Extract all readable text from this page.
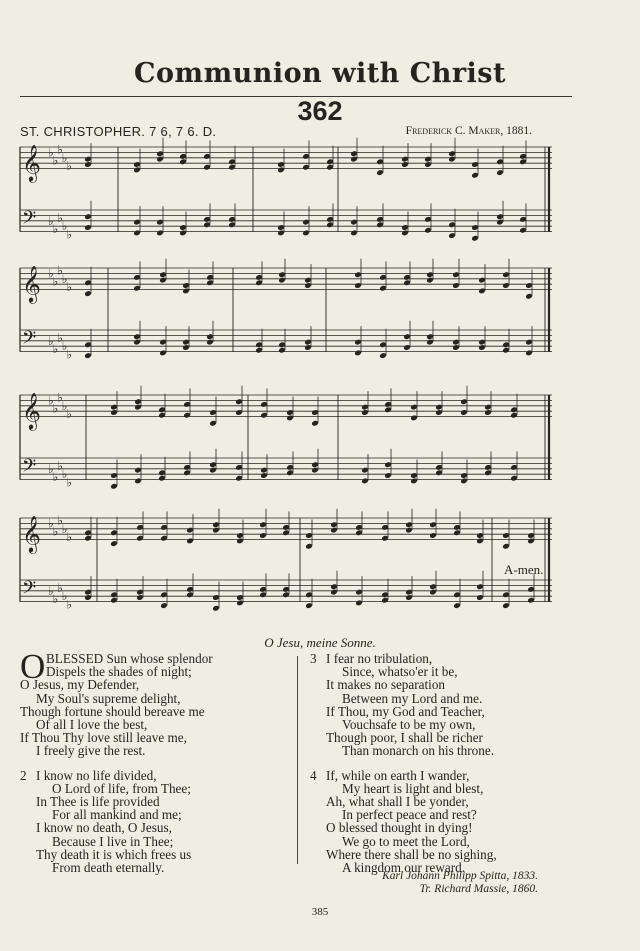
Communion with Christ
362
ST. CHRISTOPHER. 7 6, 7 6. D.	Frederick C. Maker, 1881.
𝄞 ♭
♭
♭
♭
♭
𝄢 ♭
♭
♭
♭
♭
𝄞 ♭
♭
♭
♭
♭
𝄢 ♭
♭
♭
♭
♭
𝄞 ♭
♭
♭
♭
♭
𝄢 ♭
♭
♭
♭
♭
𝄞 ♭
♭
♭
♭
♭
𝄢 ♭
♭
♭
♭
♭
A-men.
O Jesu, meine Sonne.
O BLESSED Sun whose splendor
Dispels the shades of night;
O Jesus, my Defender,
My Soul's supreme delight,
Though fortune should bereave me
Of all I love the best,
If Thou Thy love still leave me,
I freely give the rest.
2 I know no life divided,
O Lord of life, from Thee;
In Thee is life provided
For all mankind and me;
I know no death, O Jesus,
Because I live in Thee;
Thy death it is which frees us
From death eternally.
3 I fear no tribulation,
Since, whatso'er it be,
It makes no separation
Between my Lord and me.
If Thou, my God and Teacher,
Vouchsafe to be my own,
Though poor, I shall be richer
Than monarch on his throne.
4 If, while on earth I wander,
My heart is light and blest,
Ah, what shall I be yonder,
In perfect peace and rest?
O blessed thought in dying!
We go to meet the Lord,
Where there shall be no sighing,
A kingdom our reward.
Karl Johann Philipp Spitta, 1833.
Tr. Richard Massie, 1860.
385
